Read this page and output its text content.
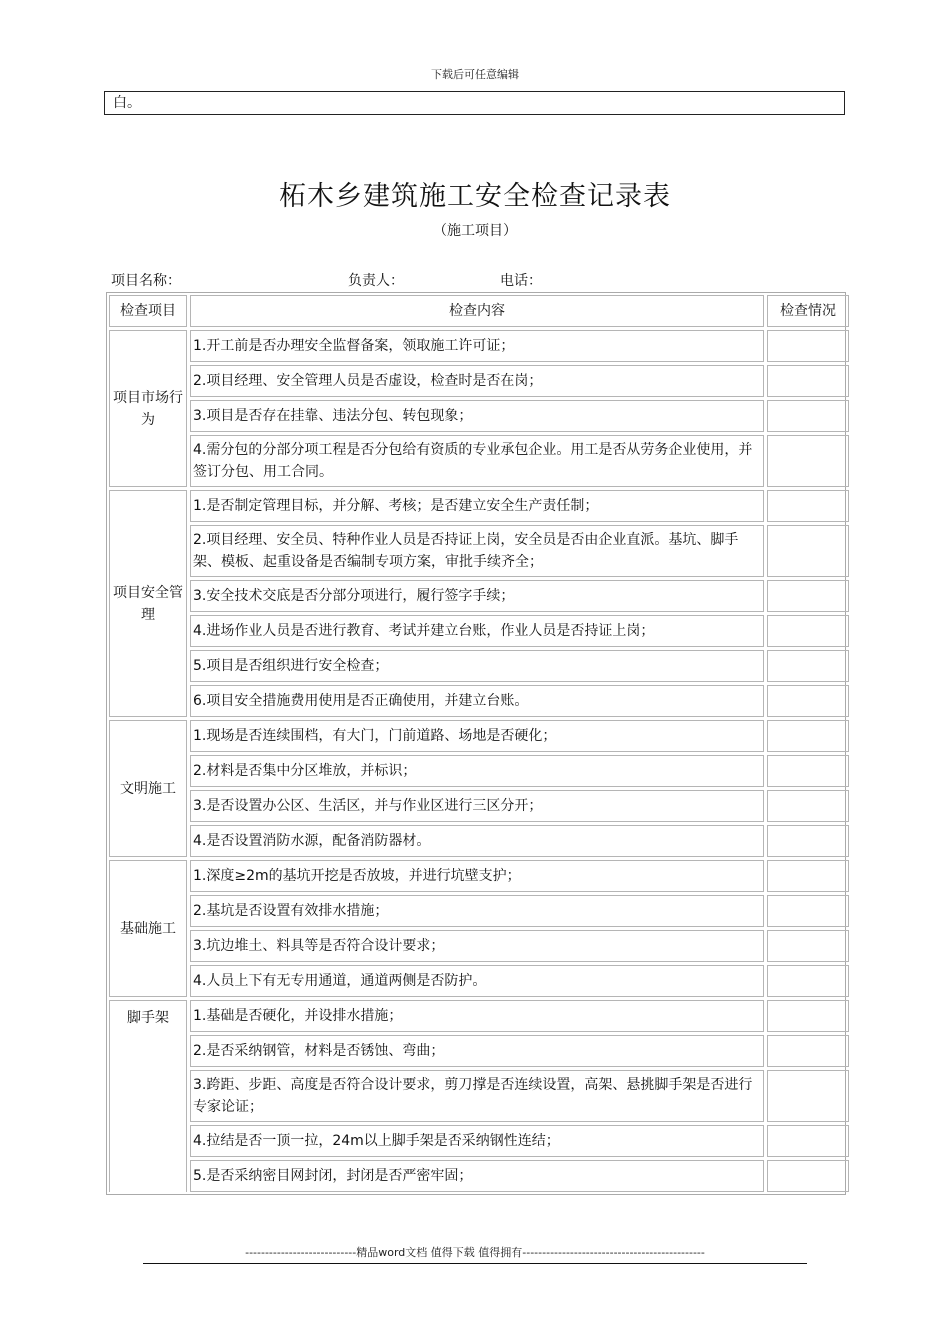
下载后可任意编辑
白。
柘木乡建筑施工安全检查记录表
（施工项目）
项目名称：	负责人：	电话：
检查项目	检查内容	检查情况
项目市场行为
1.开工前是否办理安全监督备案，领取施工许可证；
2.项目经理、安全管理人员是否虚设，检查时是否在岗；
3.项目是否存在挂靠、违法分包、转包现象；
4.需分包的分部分项工程是否分包给有资质的专业承包企业。用工是否从劳务企业使用，并签订分包、用工合同。
项目安全管理
1.是否制定管理目标，并分解、考核；是否建立安全生产责任制；
2.项目经理、安全员、特种作业人员是否持证上岗，安全员是否由企业直派。基坑、脚手架、模板、起重设备是否编制专项方案，审批手续齐全；
3.安全技术交底是否分部分项进行，履行签字手续；
4.进场作业人员是否进行教育、考试并建立台账，作业人员是否持证上岗；
5.项目是否组织进行安全检查；
6.项目安全措施费用使用是否正确使用，并建立台账。
文明施工
1.现场是否连续围档，有大门，门前道路、场地是否硬化；
2.材料是否集中分区堆放，并标识；
3.是否设置办公区、生活区，并与作业区进行三区分开；
4.是否设置消防水源，配备消防器材。
基础施工
1.深度≥2m的基坑开挖是否放坡，并进行坑壁支护；
2.基坑是否设置有效排水措施；
3.坑边堆土、料具等是否符合设计要求；
4.人员上下有无专用通道，通道两侧是否防护。
脚手架	1.基础是否硬化，并设排水措施；
2.是否采纳钢管，材料是否锈蚀、弯曲；
3.跨距、步距、高度是否符合设计要求，剪刀撑是否连续设置，高架、悬挑脚手架是否进行专家论证；
4.拉结是否一顶一拉，24m以上脚手架是否采纳钢性连结；
5.是否采纳密目网封闭，封闭是否严密牢固；
----------------------------精品word文档 值得下载 值得拥有----------------------------------------------
